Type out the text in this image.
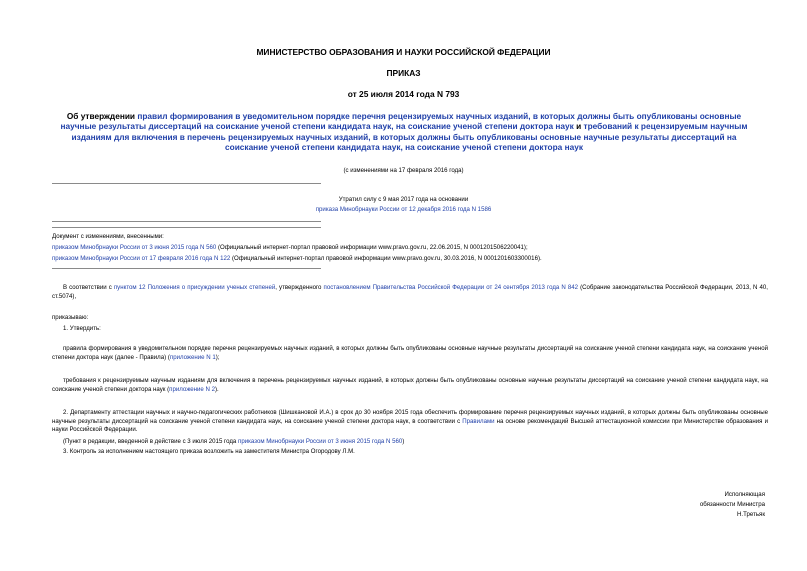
МИНИСТЕРСТВО ОБРАЗОВАНИЯ И НАУКИ РОССИЙСКОЙ ФЕДЕРАЦИИ
ПРИКАЗ
от 25 июля 2014 года N 793
Об утверждении правил формирования в уведомительном порядке перечня рецензируемых научных изданий, в которых должны быть опубликованы основные научные результаты диссертаций на соискание ученой степени кандидата наук, на соискание ученой степени доктора наук и требований к рецензируемым научным изданиям для включения в перечень рецензируемых научных изданий, в которых должны быть опубликованы основные научные результаты диссертаций на соискание ученой степени кандидата наук, на соискание ученой степени доктора наук
(с изменениями на 17 февраля 2016 года)
Утратил силу с 9 мая 2017 года на основании
приказа Минобрнауки России от 12 декабря 2016 года N 1586
Документ с изменениями, внесенными:
приказом Минобрнауки России от 3 июня 2015 года N 560 (Официальный интернет-портал правовой информации www.pravo.gov.ru, 22.06.2015, N 0001201506220041);
приказом Минобрнауки России от 17 февраля 2016 года N 122 (Официальный интернет-портал правовой информации www.pravo.gov.ru, 30.03.2016, N 0001201603300016).
В соответствии с пунктом 12 Положения о присуждении ученых степеней, утвержденного постановлением Правительства Российской Федерации от 24 сентября 2013 года N 842 (Собрание законодательства Российской Федерации, 2013, N 40, ст.5074),
приказываю:
1. Утвердить:
правила формирования в уведомительном порядке перечня рецензируемых научных изданий, в которых должны быть опубликованы основные научные результаты диссертаций на соискание ученой степени кандидата наук, на соискание ученой степени доктора наук (далее - Правила) (приложение N 1);
требования к рецензируемым научным изданиям для включения в перечень рецензируемых научных изданий, в которых должны быть опубликованы основные научные результаты диссертаций на соискание ученой степени кандидата наук, на соискание ученой степени доктора наук (приложение N 2).
2. Департаменту аттестации научных и научно-педагогических работников (Шишкановой И.А.) в срок до 30 ноября 2015 года обеспечить формирование перечня рецензируемых научных изданий, в которых должны быть опубликованы основные научные результаты диссертаций на соискание ученой степени кандидата наук, на соискание ученой степени доктора наук, в соответствии с Правилами на основе рекомендаций Высшей аттестационной комиссии при Министерстве образования и науки Российской Федерации.
(Пункт в редакции, введенной в действие с 3 июля 2015 года приказом Минобрнауки России от 3 июня 2015 года N 560)
3. Контроль за исполнением настоящего приказа возложить на заместителя Министра Огородову Л.М.
Исполняющая
обязанности Министра
Н.Третьяк
